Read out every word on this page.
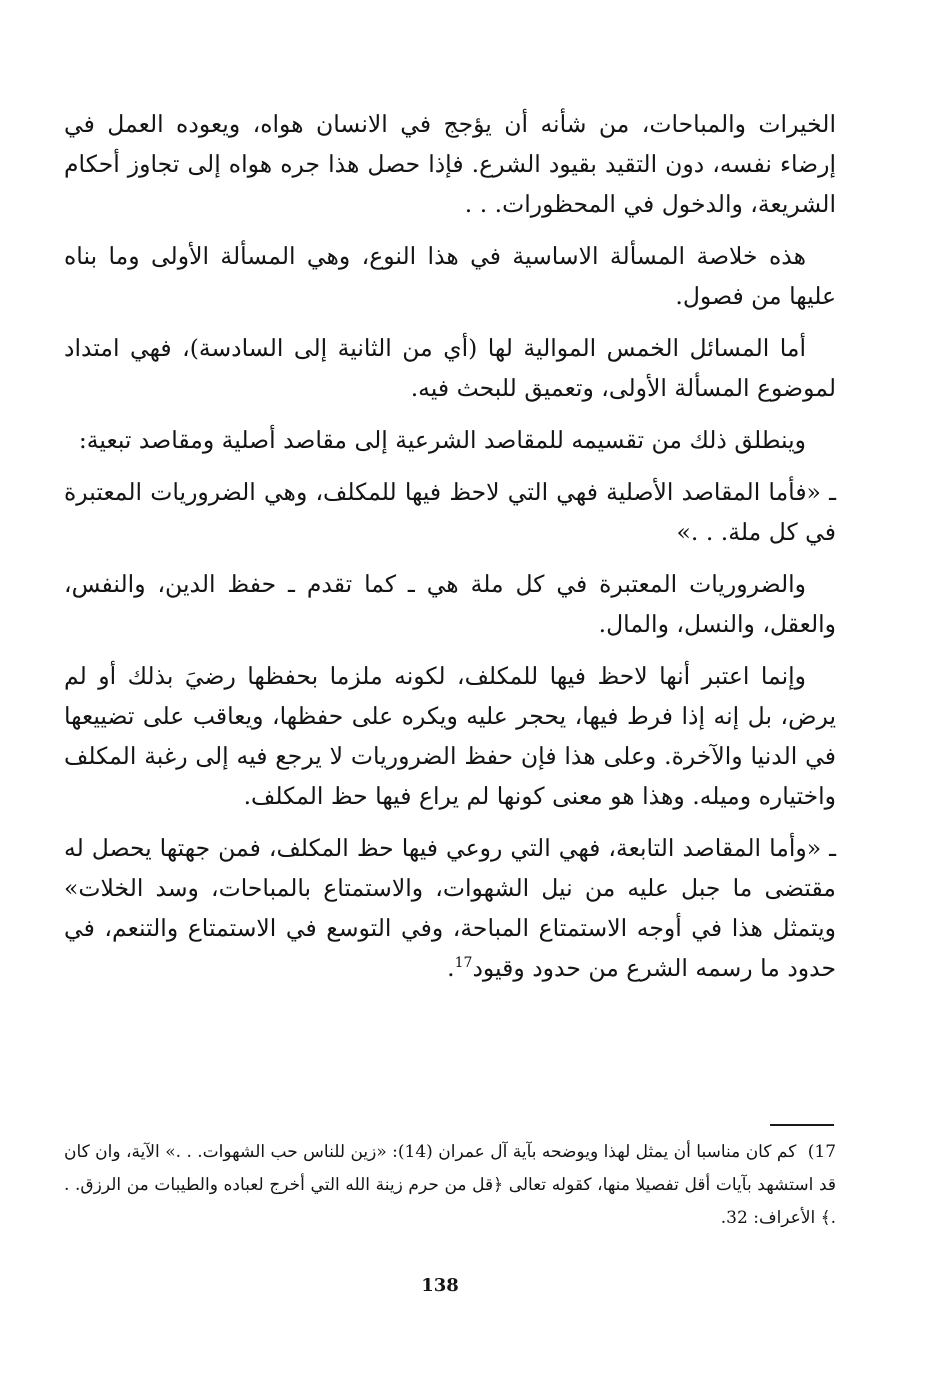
الخيرات والمباحات، من شأنه أن يؤجج في الانسان هواه، ويعوده العمل في إرضاء نفسه، دون التقيد بقيود الشرع. فإذا حصل هذا جره هواه إلى تجاوز أحكام الشريعة، والدخول في المحظورات. . .

هذه خلاصة المسألة الاساسية في هذا النوع، وهي المسألة الأولى وما بناه عليها من فصول.

أما المسائل الخمس الموالية لها (أي من الثانية إلى السادسة)، فهي امتداد لموضوع المسألة الأولى، وتعميق للبحث فيه.

وينطلق ذلك من تقسيمه للمقاصد الشرعية إلى مقاصد أصلية ومقاصد تبعية:

ـ «فأما المقاصد الأصلية فهي التي لاحظ فيها للمكلف، وهي الضروريات المعتبرة في كل ملة. . .»

والضروريات المعتبرة في كل ملة هي ـ كما تقدم ـ حفظ الدين، والنفس، والعقل، والنسل، والمال.

وإنما اعتبر أنها لاحظ فيها للمكلف، لكونه ملزما بحفظها رضيَ بذلك أو لم يرض، بل إنه إذا فرط فيها، يحجر عليه ويكره على حفظها، ويعاقب على تضييعها في الدنيا والآخرة. وعلى هذا فإن حفظ الضروريات لا يرجع فيه إلى رغبة المكلف واختياره وميله. وهذا هو معنى كونها لم يراع فيها حظ المكلف.

ـ «وأما المقاصد التابعة، فهي التي روعي فيها حظ المكلف، فمن جهتها يحصل له مقتضى ما جبل عليه من نيل الشهوات، والاستمتاع بالمباحات، وسد الخلات» ويتمثل هذا في أوجه الاستمتاع المباحة، وفي التوسع في الاستمتاع والتنعم، في حدود ما رسمه الشرع من حدود وقيود$^{17}$.

17) كم كان مناسبا أن يمثل لهذا ويوضحه بآية آل عمران (14): «زين للناس حب الشهوات. . .» الآية، وان كان قد استشهد بآيات أقل تفصيلا منها، كقوله تعالى ﴿قل من حرم زينة الله التي أخرج لعباده والطيبات من الرزق. . .﴾ الأعراف: 32.
138
